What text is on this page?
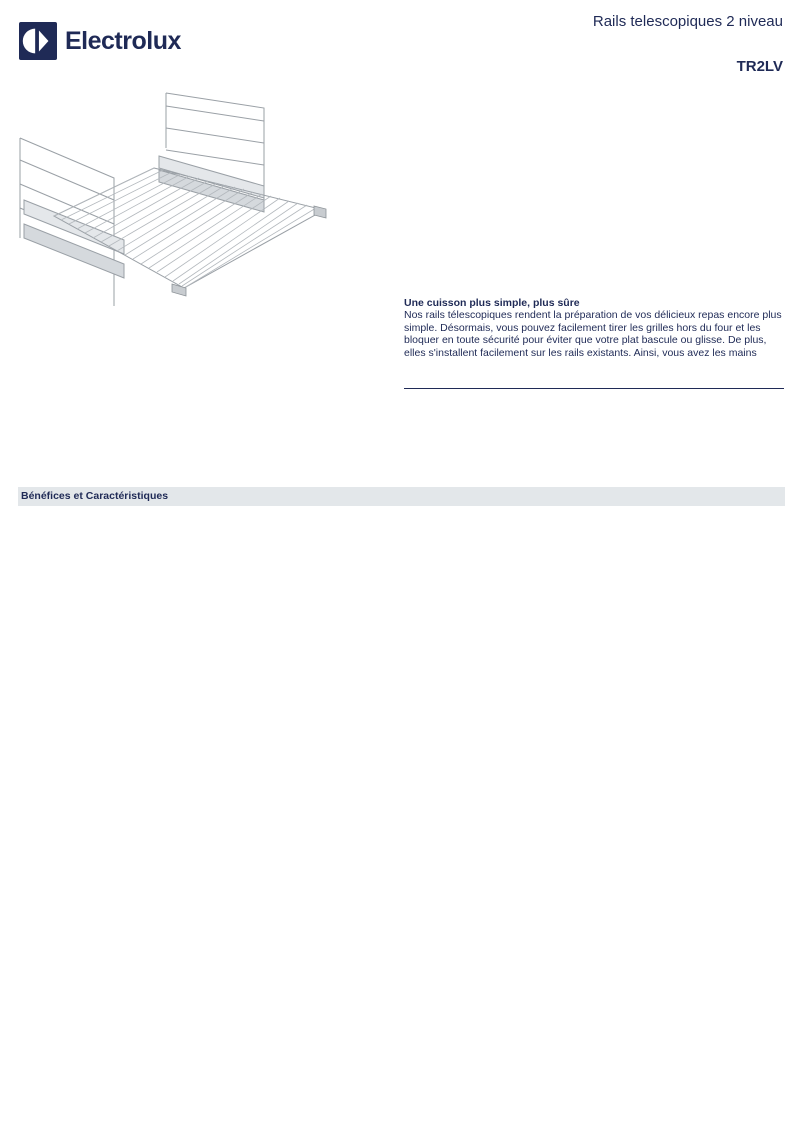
Electrolux
Rails telescopiques 2 niveau
TR2LV
Une cuisson plus simple, plus sûre
Nos rails télescopiques rendent la préparation de vos délicieux repas encore plus simple. Désormais, vous pouvez facilement tirer les grilles hors du four et les bloquer en toute sécurité pour éviter que votre plat bascule ou glisse. De plus, elles s'installent facilement sur les rails existants. Ainsi, vous avez les mains
Bénéfices et Caractéristiques
